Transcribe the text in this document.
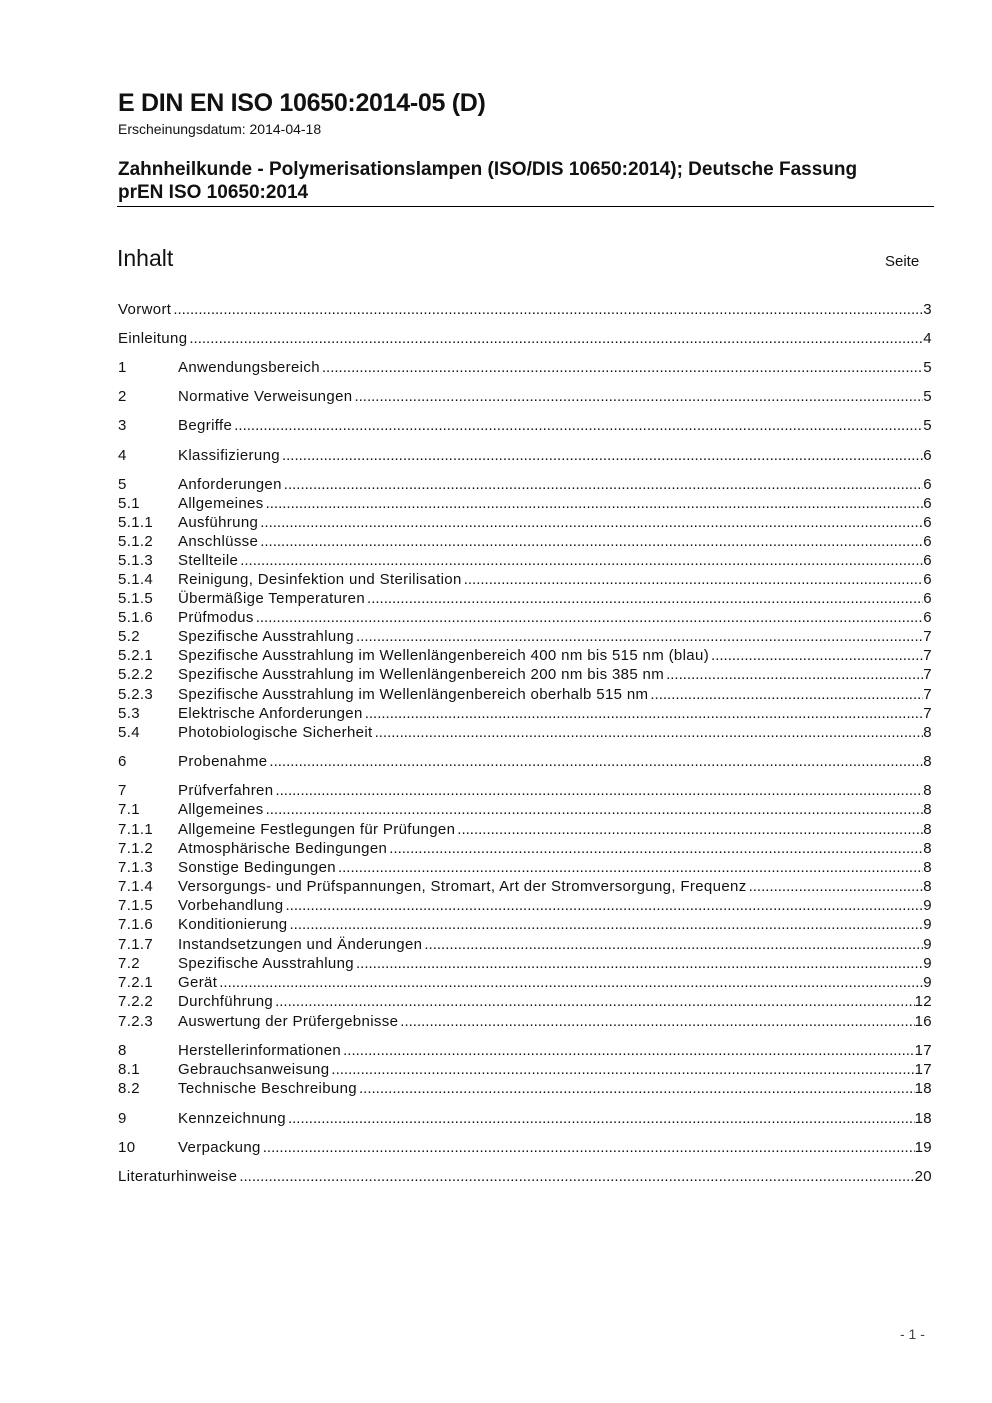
E DIN EN ISO 10650:2014-05 (D)
Erscheinungsdatum: 2014-04-18
Zahnheilkunde - Polymerisationslampen (ISO/DIS 10650:2014); Deutsche Fassung
prEN ISO 10650:2014
Inhalt	Seite
Vorwort .....	3
Einleitung .....	4
1	Anwendungsbereich .....	5
2	Normative Verweisungen .....	5
3	Begriffe .....	5
4	Klassifizierung .....	6
5	Anforderungen .....	6
5.1	Allgemeines .....	6
5.1.1	Ausführung .....	6
5.1.2	Anschlüsse .....	6
5.1.3	Stellteile .....	6
5.1.4	Reinigung, Desinfektion und Sterilisation .....	6
5.1.5	Übermäßige Temperaturen .....	6
5.1.6	Prüfmodus .....	6
5.2	Spezifische Ausstrahlung .....	7
5.2.1	Spezifische Ausstrahlung im Wellenlängenbereich 400 nm bis 515 nm (blau) .....	7
5.2.2	Spezifische Ausstrahlung im Wellenlängenbereich 200 nm bis 385 nm .....	7
5.2.3	Spezifische Ausstrahlung im Wellenlängenbereich oberhalb 515 nm .....	7
5.3	Elektrische Anforderungen .....	7
5.4	Photobiologische Sicherheit .....	8
6	Probenahme .....	8
7	Prüfverfahren .....	8
7.1	Allgemeines .....	8
7.1.1	Allgemeine Festlegungen für Prüfungen .....	8
7.1.2	Atmosphärische Bedingungen .....	8
7.1.3	Sonstige Bedingungen .....	8
7.1.4	Versorgungs- und Prüfspannungen, Stromart, Art der Stromversorgung, Frequenz .....	8
7.1.5	Vorbehandlung .....	9
7.1.6	Konditionierung .....	9
7.1.7	Instandsetzungen und Änderungen .....	9
7.2	Spezifische Ausstrahlung .....	9
7.2.1	Gerät .....	9
7.2.2	Durchführung .....	12
7.2.3	Auswertung der Prüfergebnisse .....	16
8	Herstellerinformationen .....	17
8.1	Gebrauchsanweisung .....	17
8.2	Technische Beschreibung .....	18
9	Kennzeichnung .....	18
10	Verpackung .....	19
Literaturhinweise .....	20
- 1 -
